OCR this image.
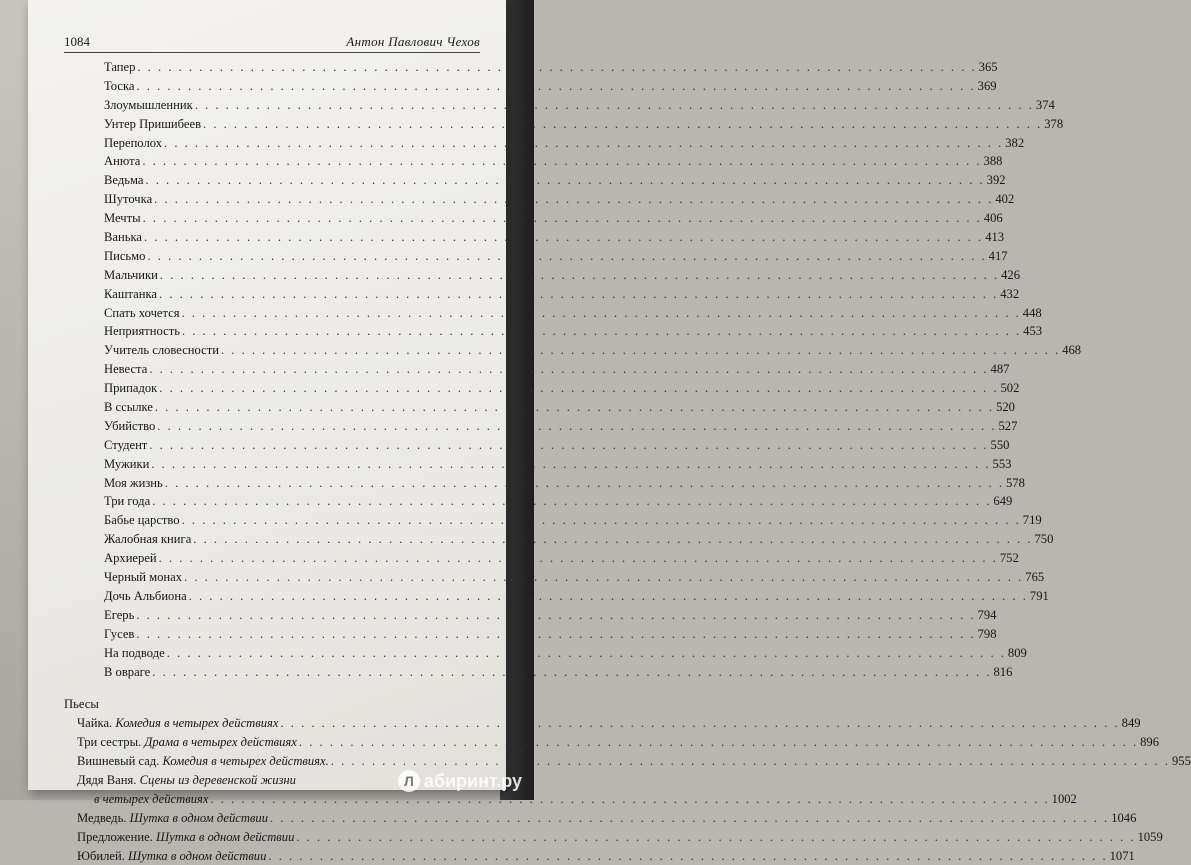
1084	Антон Павлович Чехов
Тапер . . .	365
Тоска . . .	369
Злоумышленник . . .	374
Унтер Пришибеев . . .	378
Переполох . . .	382
Анюта . . .	388
Ведьма . . .	392
Шуточка . . .	402
Мечты . . .	406
Ванька . . .	413
Письмо . . .	417
Мальчики . . .	426
Каштанка . . .	432
Спать хочется . . .	448
Неприятность . . .	453
Учитель словесности . . .	468
Невеста . . .	487
Припадок . . .	502
В ссылке . . .	520
Убийство . . .	527
Студент . . .	550
Мужики . . .	553
Моя жизнь . . .	578
Три года . . .	649
Бабье царство . . .	719
Жалобная книга . . .	750
Архиерей . . .	752
Черный монах . . .	765
Дочь Альбиона . . .	791
Егерь . . .	794
Гусев . . .	798
На подводе . . .	809
В овраге . . .	816
Пьесы
Чайка. Комедия в четырех действиях . . .	849
Три сестры. Драма в четырех действиях . . .	896
Вишневый сад. Комедия в четырех действиях. . . .	955
Дядя Ваня. Сцены из деревенской жизни
в четырех действиях . . .	1002
Медведь. Шутка в одном действии . . .	1046
Предложение. Шутка в одном действии . . .	1059
Юбилей. Шутка в одном действии . . .	1071
Л абиринт.ру
